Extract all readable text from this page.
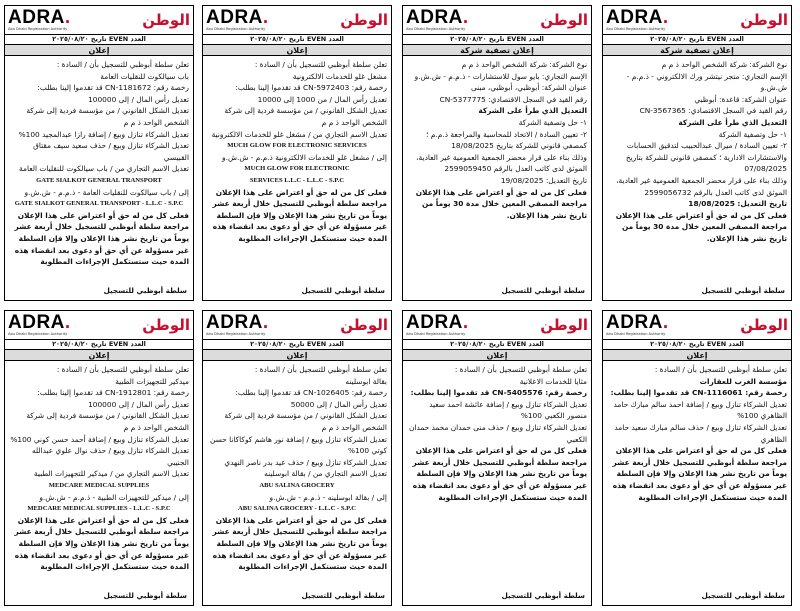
ADRA.
Abu Dhabi Registration Authority	الوطن
العدد EVEN تاريخ ٢٠٢٥/٠٨/٢٠
إعلان تصفية شركة

نوع الشركة: شركة الشخص الواحد ذ م م

الإسم التجاري: متجر نيتشر ورك الالكتروني - ذ.م.م - ش.ش.و

عنوان الشركة: قاعدة: أبوظبي

رقم القيد في السجل الاقتصادي: CN-3567365

التعديل الذي طرأ على الشركة

١- حل وتصفية الشركة

٢- تعيين السادة / ميرال عبدالحبيب لتدقيق الحسابات والاستشارات الادارية ؛ كمصفي قانوني للشركة بتاريخ 07/08/2025

وذلك بناء على قرار محضر الجمعية العمومية غير العادية، الموثق لدى كاتب العدل بالرقم 2599056732

تاريخ التعديل: 18/08/2025

فعلى كل من له حق أو اعتراض على هذا الإعلان مراجعة المصفي المعين خلال مدة 30 يوماً من تاريخ نشر هذا الإعلان.

سلطة أبوظبي للتسجيل
ADRA.
Abu Dhabi Registration Authority	الوطن
العدد EVEN تاريخ ٢٠٢٥/٠٨/٢٠
إعلان تصفية شركة

نوع الشركة: شركة الشخص الواحد ذ م م

الإسم التجاري: بايو سول للاستشارات - ذ.م.م - ش.ش.و

عنوان الشركة: أبوظبي، أبوظبي، مبنى

رقم القيد في السجل الاقتصادي: CN-5377775

التعديل الذي طرأ على الشركة

١- حل وتصفية الشركة

٢- تعيين السادة / الاتحاد للمحاسبة والمراجعة ذ.م.م ؛ كمصفي قانوني للشركة بتاريخ 18/08/2025

وذلك بناء على قرار محضر الجمعية العمومية غير العادية، الموثق لدى كاتب العدل بالرقم 2599059450

تاريخ التعديل: 19/08/2025

فعلى كل من له حق أو اعتراض على هذا الإعلان مراجعة المصفي المعين خلال مدة 30 يوماً من تاريخ نشر هذا الإعلان.

سلطة أبوظبي للتسجيل
ADRA.
Abu Dhabi Registration Authority	الوطن
العدد EVEN تاريخ ٢٠٢٥/٠٨/٢٠
إعلان

تعلن سلطة أبوظبي للتسجيل بأن / السادة :

مشغل غلو للخدمات الالكترونية

رخصة رقم: CN-5972403 قد تقدموا إلينا بطلب:

تعديل رأس المال / من 1000 إلى 10000

تعديل الشكل القانوني / من مؤسسة فردية إلى شركة الشخص الواحد ذ م م

تعديل الاسم التجاري من / مشغل غلو للخدمات الالكترونية

MUCH GLOW FOR ELECTRONIC SERVICES

إلى / مشغل غلو للخدمات الالكترونية ذ.م.م - ش.ش.و

MUCH GLOW FOR ELECTRONIC

SERVICES L.L.C - L.L.C - S.P.C

فعلى كل من له حق أو اعتراض على هذا الإعلان مراجعة سلطة أبوظبي للتسجيل خلال أربعة عشر يوماً من تاريخ نشر هذا الإعلان وإلا فإن السلطة غير مسؤولة عن أي حق أو دعوى بعد انقضاء هذه المدة حيث ستستكمل الإجراءات المطلوبة

سلطة أبوظبي للتسجيل
ADRA.
Abu Dhabi Registration Authority	الوطن
العدد EVEN تاريخ ٢٠٢٥/٠٨/٢٠
إعلان

تعلن سلطة أبوظبي للتسجيل بأن / السادة :

باب سيالكوت للنقليات العامة

رخصة رقم: CN-1181672 قد تقدموا إلينا بطلب:

تعديل رأس المال / إلى 100000

تعديل الشكل القانوني / من مؤسسة فردية إلى شركة الشخص الواحد ذ م م

تعديل الشركاء تنازل وبيع / إضافة رازا عبدالمجيد 100%

تعديل الشركاء تنازل وبيع / حذف سعيد سيف مقتاق القبيسي

تعديل الاسم التجاري من / باب سيالكوت للنقليات العامة

GATE SIALKOT GENERAL TRANSPORT

إلى / باب سيالكوت للنقليات العامة - ذ.م.م - ش.ش.و

GATE SIALKOT GENERAL TRANSPORT - L.L.C - S.P.C

فعلى كل من له حق أو اعتراض على هذا الإعلان مراجعة سلطة أبوظبي للتسجيل خلال أربعة عشر يوماً من تاريخ نشر هذا الإعلان وإلا فإن السلطة غير مسؤولة عن أي حق أو دعوى بعد انقضاء هذه المدة حيث ستستكمل الإجراءات المطلوبة

سلطة أبوظبي للتسجيل
ADRA.
Abu Dhabi Registration Authority	الوطن
العدد EVEN تاريخ ٢٠٢٥/٠٨/٢٠
إعلان

تعلن سلطة أبوظبي للتسجيل بأن / السادة :

مؤسسة الغرب للعقارات

رخصة رقم: CN-1116061 قد تقدموا إلينا بطلب:

تعديل الشركاء تنازل وبيع / إضافة احمد سالم مبارك حامد الظاهري 100%

تعديل الشركاء تنازل وبيع / حذف سالم مبارك سعيد حامد الظاهري

فعلى كل من له حق أو اعتراض على هذا الإعلان مراجعة سلطة أبوظبي للتسجيل خلال أربعة عشر يوماً من تاريخ نشر هذا الإعلان وإلا فإن السلطة غير مسؤولة عن أي حق أو دعوى بعد انقضاء هذه المدة حيث ستستكمل الإجراءات المطلوبة

سلطة أبوظبي للتسجيل
ADRA.
Abu Dhabi Registration Authority	الوطن
العدد EVEN تاريخ ٢٠٢٥/٠٨/٢٠
إعلان

تعلن سلطة أبوظبي للتسجيل بأن / السادة :

مثايا للخدمات الاعلانية

رخصة رقم: CN-5405576 قد تقدموا إلينا بطلب:

تعديل الشركاء تنازل وبيع / إضافة عائشة احمد سعيد منصور الكعبي 100%

تعديل الشركاء تنازل وبيع / حذف منى حمدان محمد حمدان الكعبي

فعلى كل من له حق أو اعتراض على هذا الإعلان مراجعة سلطة أبوظبي للتسجيل خلال أربعة عشر يوماً من تاريخ نشر هذا الإعلان وإلا فإن السلطة غير مسؤولة عن أي حق أو دعوى بعد انقضاء هذه المدة حيث ستستكمل الإجراءات المطلوبة

سلطة أبوظبي للتسجيل
ADRA.
Abu Dhabi Registration Authority	الوطن
العدد EVEN تاريخ ٢٠٢٥/٠٨/٢٠
إعلان

تعلن سلطة أبوظبي للتسجيل بأن / السادة :

بقالة ابوسلينه

رخصة رقم: CN-1026405 قد تقدموا إلينا بطلب:

تعديل رأس المال / إلى 50000

تعديل الشكل القانوني / من مؤسسة فردية إلى شركة الشخص الواحد ذ م م

تعديل الشركاء تنازل وبيع / إضافة نور هاشم كوكاكانا حسن كوتي 100%

تعديل الشركاء تنازل وبيع / حذف عيد بدر ناصر النهدي

تعديل الاسم التجاري من / بقالة ابوسلينه

ABU SALINA GROCERY

إلى / بقالة ابوسلينه - ذ.م.م - ش.ش.و

ABU SALINA GROCERY - L.L.C - S.P.C

فعلى كل من له حق أو اعتراض على هذا الإعلان مراجعة سلطة أبوظبي للتسجيل خلال أربعة عشر يوماً من تاريخ نشر هذا الإعلان وإلا فإن السلطة غير مسؤولة عن أي حق أو دعوى بعد انقضاء هذه المدة حيث ستستكمل الإجراءات المطلوبة

سلطة أبوظبي للتسجيل
ADRA.
Abu Dhabi Registration Authority	الوطن
العدد EVEN تاريخ ٢٠٢٥/٠٨/٢٠
إعلان

تعلن سلطة أبوظبي للتسجيل بأن / السادة :

ميدكير للتجهيزات الطبية

رخصة رقم: CN-1912801 قد تقدموا إلينا بطلب:

تعديل رأس المال / إلى 100000

تعديل الشكل القانوني / من مؤسسة فردية إلى شركة الشخص الواحد ذ م م

تعديل الشركاء تنازل وبيع / إضافة أحمد حسن كوني 100%

تعديل الشركاء تنازل وبيع / حذف نوال علوي عبدالله الجنيبي

تعديل الاسم التجاري من / ميدكير للتجهيزات الطبية

MEDCARE MEDICAL SUPPLIES

إلى / ميدكير للتجهيزات الطبية - ذ.م.م - ش.ش.و

MEDCARE MEDICAL SUPPLIES - L.L.C - S.P.C

فعلى كل من له حق أو اعتراض على هذا الإعلان مراجعة سلطة أبوظبي للتسجيل خلال أربعة عشر يوماً من تاريخ نشر هذا الإعلان وإلا فإن السلطة غير مسؤولة عن أي حق أو دعوى بعد انقضاء هذه المدة حيث ستستكمل الإجراءات المطلوبة

سلطة أبوظبي للتسجيل
